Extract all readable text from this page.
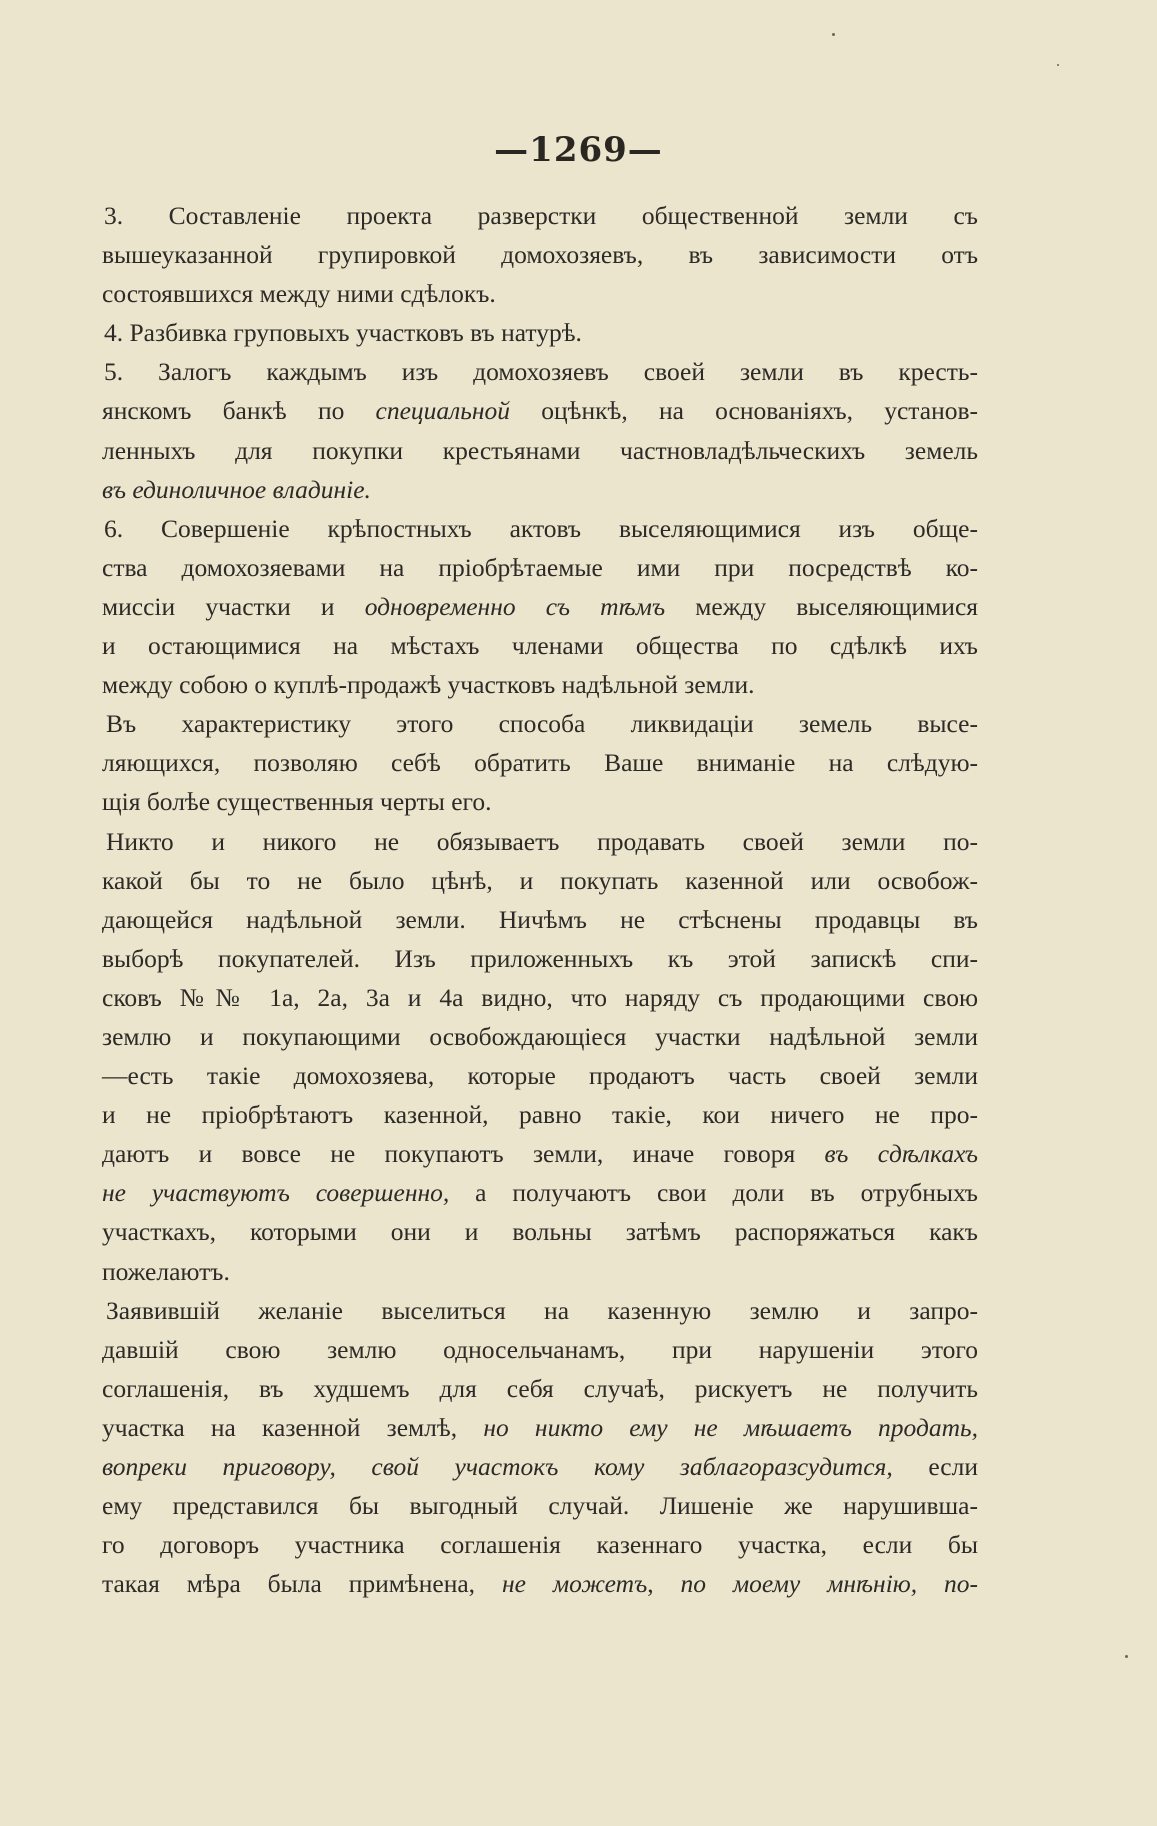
—1269—
3. Составленіе проекта разверстки общественной земли съ
вышеуказанной групировкой домохозяевъ, въ зависимости отъ
состоявшихся между ними сдѣлокъ.
4. Разбивка груповыхъ участковъ въ натурѣ.
5. Залогъ каждымъ изъ домохозяевъ своей земли въ кресть-
янскомъ банкѣ по специальной оцѣнкѣ, на основаніяхъ, установ-
ленныхъ для покупки крестьянами частновладѣльческихъ земель
въ единоличное владиніе.
6. Совершеніе крѣпостныхъ актовъ выселяющимися изъ обще-
ства домохозяевами на пріобрѣтаемые ими при посредствѣ ко-
миссіи участки и одновременно съ тѣмъ между выселяющимися
и остающимися на мѣстахъ членами общества по сдѣлкѣ ихъ
между собою о куплѣ-продажѣ участковъ надѣльной земли.
Въ характеристику этого способа ликвидаціи земель высе-
ляющихся, позволяю себѣ обратить Ваше вниманіе на слѣдую-
щія болѣе существенныя черты его.
Никто и никого не обязываетъ продавать своей земли по-
какой бы то не было цѣнѣ, и покупать казенной или освобож-
дающейся надѣльной земли. Ничѣмъ не стѣснены продавцы въ
выборѣ покупателей. Изъ приложенныхъ къ этой запискѣ спи-
сковъ №№ 1а, 2а, 3а и 4а видно, что наряду съ продающими свою
землю и покупающими освобождающіеся участки надѣльной земли
—есть такіе домохозяева, которые продаютъ часть своей земли
и не пріобрѣтаютъ казенной, равно такіе, кои ничего не про-
даютъ и вовсе не покупаютъ земли, иначе говоря въ сдѣлкахъ
не участвуютъ совершенно, а получаютъ свои доли въ отрубныхъ
участкахъ, которыми они и вольны затѣмъ распоряжаться какъ
пожелаютъ.
Заявившій желаніе выселиться на казенную землю и запро-
давшій свою землю односельчанамъ, при нарушеніи этого
соглашенія, въ худшемъ для себя случаѣ, рискуетъ не получить
участка на казенной землѣ, но никто ему не мѣшаетъ продать,
вопреки приговору, свой участокъ кому заблагоразсудится, если
ему представился бы выгодный случай. Лишеніе же нарушивша-
го договоръ участника соглашенія казеннаго участка, если бы
такая мѣра была примѣнена, не можетъ, по моему мнѣнію, по-
